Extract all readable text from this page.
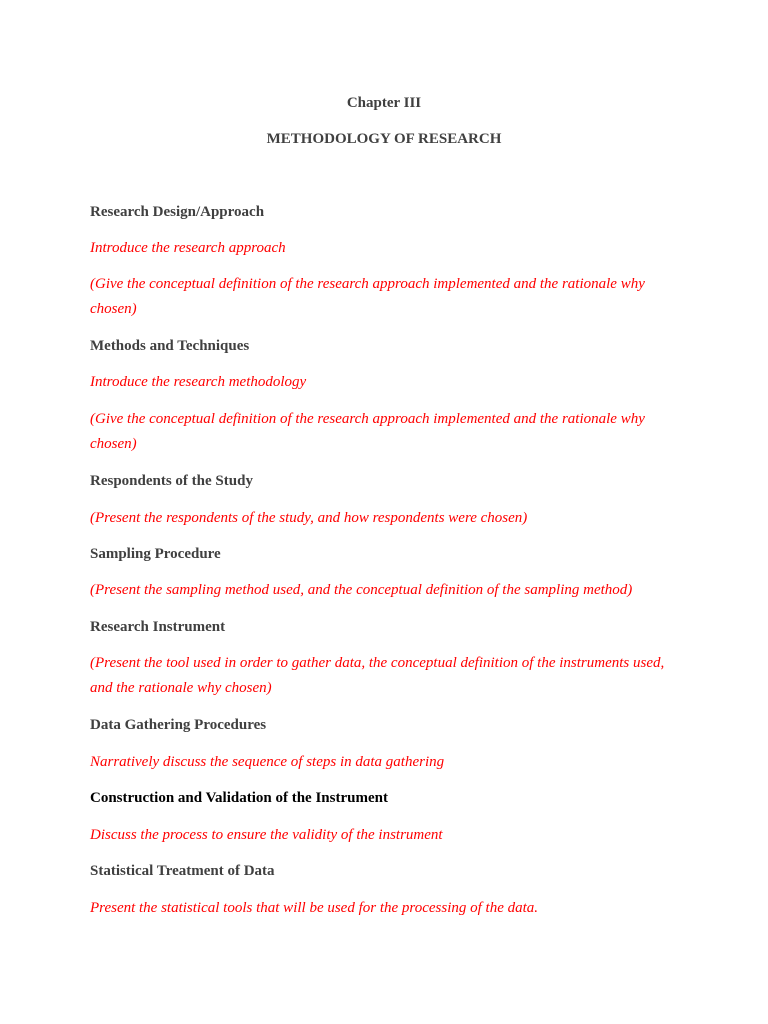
Chapter III
METHODOLOGY OF RESEARCH
Research Design/Approach
Introduce the research approach
(Give the conceptual definition of the research approach implemented and the rationale why chosen)
Methods and Techniques
Introduce the research methodology
(Give the conceptual definition of the research approach implemented and the rationale why chosen)
Respondents of the Study
(Present the respondents of the study, and how respondents were chosen)
Sampling Procedure
(Present the sampling method used, and the conceptual definition of the sampling method)
Research Instrument
(Present the tool used in order to gather data, the conceptual definition of the instruments used, and the rationale why chosen)
Data Gathering Procedures
Narratively discuss the sequence of steps in data gathering
Construction and Validation of the Instrument
Discuss the process to ensure the validity of the instrument
Statistical Treatment of Data
Present the statistical tools that will be used for the processing of the data.
